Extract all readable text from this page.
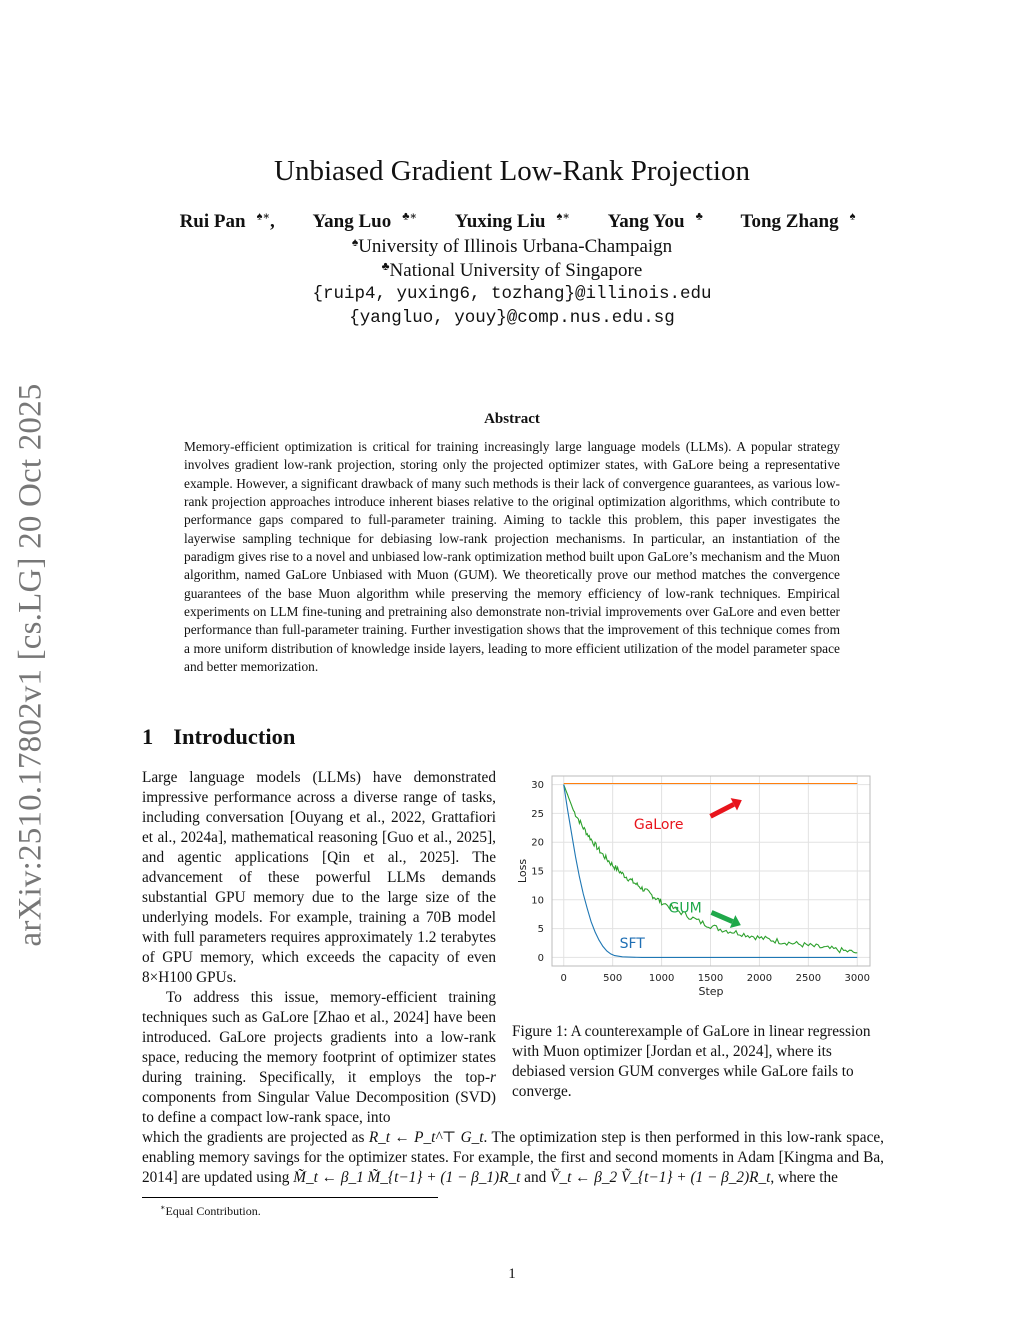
arXiv:2510.17802v1 [cs.LG] 20 Oct 2025
Unbiased Gradient Low-Rank Projection
Rui Pan ♠∗, Yang Luo ♣∗ Yuxing Liu ♠∗ Yang You ♣ Tong Zhang ♠
♠University of Illinois Urbana-Champaign
♣National University of Singapore
{ruip4, yuxing6, tozhang}@illinois.edu
{yangluo, youy}@comp.nus.edu.sg
Abstract
Memory-efficient optimization is critical for training increasingly large language models (LLMs). A popular strategy involves gradient low-rank projection, storing only the projected optimizer states, with GaLore being a representative example. However, a significant drawback of many such methods is their lack of convergence guarantees, as various low-rank projection approaches introduce inherent biases relative to the original optimization algorithms, which contribute to performance gaps compared to full-parameter training. Aiming to tackle this problem, this paper investigates the layerwise sampling technique for debiasing low-rank projection mechanisms. In particular, an instantiation of the paradigm gives rise to a novel and unbiased low-rank optimization method built upon GaLore’s mechanism and the Muon algorithm, named GaLore Unbiased with Muon (GUM). We theoretically prove our method matches the convergence guarantees of the base Muon algorithm while preserving the memory efficiency of low-rank techniques. Empirical experiments on LLM fine-tuning and pretraining also demonstrate non-trivial improvements over GaLore and even better performance than full-parameter training. Further investigation shows that the improvement of this technique comes from a more uniform distribution of knowledge inside layers, leading to more efficient utilization of the model parameter space and better memorization.
1 Introduction

Large language models (LLMs) have demonstrated impressive performance across a diverse range of tasks, including conversation [Ouyang et al., 2022, Grattafiori et al., 2024a], mathematical reasoning [Guo et al., 2025], and agentic applications [Qin et al., 2025]. The advancement of these powerful LLMs demands substantial GPU memory due to the large size of the underlying models. For example, training a 70B model with full parameters requires approximately 1.2 terabytes of GPU memory, which exceeds the capacity of even 8×H100 GPUs.

To address this issue, memory-efficient training techniques such as GaLore [Zhao et al., 2024] have been introduced. GaLore projects gradients into a low-rank space, reducing the memory footprint of optimizer states during training. Specifically, it employs the top-r components from Singular Value Decomposition (SVD) to define a compact low-rank space, into

which the gradients are projected as R_t ← P_t^⊤ G_t. The optimization step is then performed in this low-rank space, enabling memory savings for the optimizer states. For example, the first and second moments in Adam [Kingma and Ba, 2014] are updated using M̃_t ← β_1 M̃_{t−1} + (1 − β_1)R_t and Ṽ_t ← β_2 Ṽ_{t−1} + (1 − β_2)R_t, where the
0	500	1000 1500 2000 2500 3000
0
5
10
15
20
25
30
GaLore
GUM
SFT
Step
Loss
Figure 1: A counterexample of GaLore in linear regression with Muon optimizer [Jordan et al., 2024], where its debiased version GUM converges while GaLore fails to converge.
∗Equal Contribution.
1
